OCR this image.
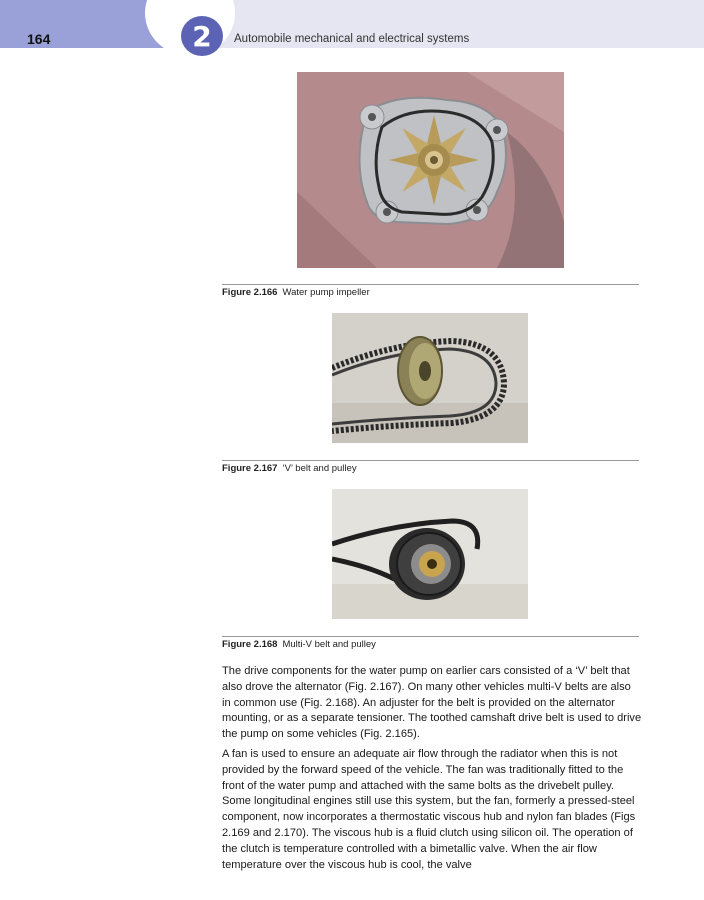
2
164	Automobile mechanical and electrical systems
Figure 2.166 Water pump impeller
Figure 2.167 ‘V’ belt and pulley
Figure 2.168 Multi-V belt and pulley

The drive components for the water pump on earlier cars consisted of a ‘V’ belt that also drove the alternator (Fig. 2.167). On many other vehicles multi-V belts are also in common use (Fig. 2.168). An adjuster for the belt is provided on the alternator mounting, or as a separate tensioner. The toothed camshaft drive belt is used to drive the pump on some vehicles (Fig. 2.165).

A fan is used to ensure an adequate air flow through the radiator when this is not provided by the forward speed of the vehicle. The fan was traditionally fitted to the front of the water pump and attached with the same bolts as the drivebelt pulley. Some longitudinal engines still use this system, but the fan, formerly a pressed-steel component, now incorporates a thermostatic viscous hub and nylon fan blades (Figs 2.169 and 2.170). The viscous hub is a fluid clutch using silicon oil. The operation of the clutch is temperature controlled with a bimetallic valve. When the air flow temperature over the viscous hub is cool, the valve
